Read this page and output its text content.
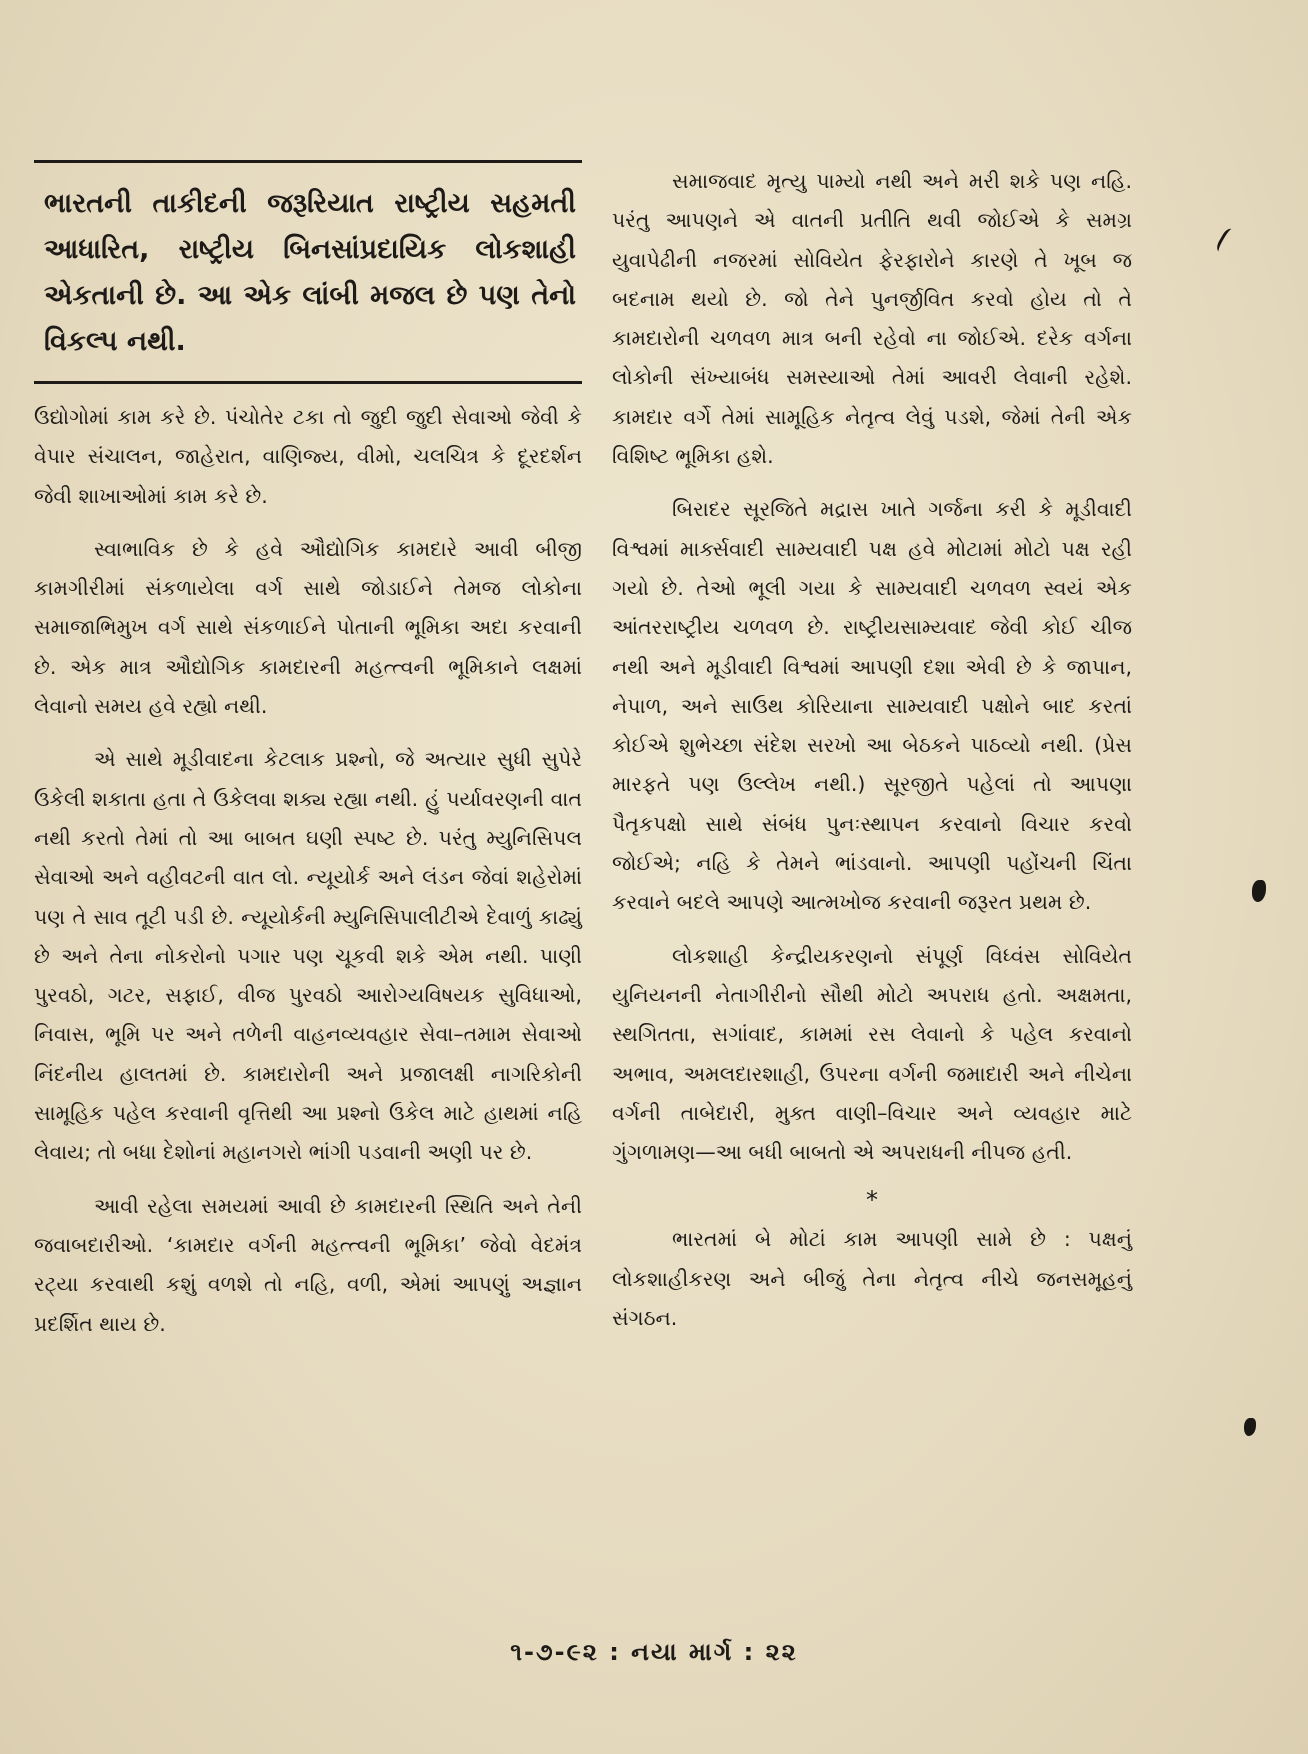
ભારતની તાકીદની જરૂરિયાત રાષ્ટ્રીય સહમતી આધારિત, રાષ્ટ્રીય બિનસાંપ્રદાયિક લોકશાહી એકતાની છે. આ એક લાંબી મજલ છે પણ તેનો વિકલ્પ નથી.

ઉદ્યોગોમાં કામ કરે છે. પંચોતેર ટકા તો જુદી જુદી સેવાઓ જેવી કે વેપાર સંચાલન, જાહેરાત, વાણિજ્ય, વીમો, ચલચિત્ર કે દૂરદર્શન જેવી શાખાઓમાં કામ કરે છે.

સ્વાભાવિક છે કે હવે ઔદ્યોગિક કામદારે આવી બીજી કામગીરીમાં સંકળાયેલા વર્ગ સાથે જોડાઈને તેમજ લોકોના સમાજાભિમુખ વર્ગ સાથે સંકળાઈને પોતાની ભૂમિકા અદા કરવાની છે. એક માત્ર ઔદ્યોગિક કામદારની મહત્ત્વની ભૂમિકાને લક્ષમાં લેવાનો સમય હવે રહ્યો નથી.

એ સાથે મૂડીવાદના કેટલાક પ્રશ્નો, જે અત્યાર સુધી સુપેરે ઉકેલી શકાતા હતા તે ઉકેલવા શક્ય રહ્યા નથી. હું પર્યાવરણની વાત નથી કરતો તેમાં તો આ બાબત ઘણી સ્પષ્ટ છે. પરંતુ મ્યુનિસિપલ સેવાઓ અને વહીવટની વાત લો. ન્યૂયોર્ક અને લંડન જેવાં શહેરોમાં પણ તે સાવ તૂટી પડી છે. ન્યૂયોર્કની મ્યુનિસિપાલીટીએ દેવાળું કાઢ્યું છે અને તેના નોકરોનો પગાર પણ ચૂકવી શકે એમ નથી. પાણી પુરવઠો, ગટર, સફાઈ, વીજ પુરવઠો આરોગ્યવિષયક સુવિધાઓ, નિવાસ, ભૂમિ પર અને તળેની વાહનવ્યવહાર સેવા–તમામ સેવાઓ નિંદનીય હાલતમાં છે. કામદારોની અને પ્રજાલક્ષી નાગરિકોની સામૂહિક પહેલ કરવાની વૃત્તિથી આ પ્રશ્નો ઉકેલ માટે હાથમાં નહિ લેવાય; તો બધા દેશોનાં મહાનગરો ભાંગી પડવાની અણી પર છે.

આવી રહેલા સમયમાં આવી છે કામદારની સ્થિતિ અને તેની જવાબદારીઓ. ‘કામદાર વર્ગની મહત્ત્વની ભૂમિકા’ જેવો વેદમંત્ર રટ્યા કરવાથી કશું વળશે તો નહિ, વળી, એમાં આપણું અજ્ઞાન પ્રદર્શિત થાય છે.

સમાજવાદ મૃત્યુ પામ્યો નથી અને મરી શકે પણ નહિ. પરંતુ આપણને એ વાતની પ્રતીતિ થવી જોઈએ કે સમગ્ર યુવાપેઢીની નજરમાં સોવિયેત ફેરફારોને કારણે તે ખૂબ જ બદનામ થયો છે. જો તેને પુનર્જીવિત કરવો હોય તો તે કામદારોની ચળવળ માત્ર બની રહેવો ના જોઈએ. દરેક વર્ગના લોકોની સંખ્યાબંધ સમસ્યાઓ તેમાં આવરી લેવાની રહેશે. કામદાર વર્ગે તેમાં સામૂહિક નેતૃત્વ લેવું પડશે, જેમાં તેની એક વિશિષ્ટ ભૂમિકા હશે.

બિરાદર સૂરજિતે મદ્રાસ ખાતે ગર્જના કરી કે મૂડીવાદી વિશ્વમાં માર્ક્સવાદી સામ્યવાદી પક્ષ હવે મોટામાં મોટો પક્ષ રહી ગયો છે. તેઓ ભૂલી ગયા કે સામ્યવાદી ચળવળ સ્વયં એક આંતરરાષ્ટ્રીય ચળવળ છે. રાષ્ટ્રીયસામ્યવાદ જેવી કોઈ ચીજ નથી અને મૂડીવાદી વિશ્વમાં આપણી દશા એવી છે કે જાપાન, નેપાળ, અને સાઉથ કોરિયાના સામ્યવાદી પક્ષોને બાદ કરતાં કોઈએ શુભેચ્છા સંદેશ સરખો આ બેઠકને પાઠવ્યો નથી. (પ્રેસ મારફતે પણ ઉલ્લેખ નથી.) સૂરજીતે પહેલાં તો આપણા પૈતૃકપક્ષો સાથે સંબંધ પુનઃસ્થાપન કરવાનો વિચાર કરવો જોઈએ; નહિ કે તેમને ભાંડવાનો. આપણી પહોંચની ચિંતા કરવાને બદલે આપણે આત્મખોજ કરવાની જરૂરત પ્રથમ છે.

લોકશાહી કેન્દ્રીયકરણનો સંપૂર્ણ વિધ્વંસ સોવિયેત યુનિયનની નેતાગીરીનો સૌથી મોટો અપરાધ હતો. અક્ષમતા, સ્થગિતતા, સગાંવાદ, કામમાં રસ લેવાનો કે પહેલ કરવાનો અભાવ, અમલદારશાહી, ઉપરના વર્ગની જમાદારી અને નીચેના વર્ગની તાબેદારી, મુક્ત વાણી–વિચાર અને વ્યવહાર માટે ગુંગળામણ—આ બધી બાબતો એ અપરાધની નીપજ હતી.

*

ભારતમાં બે મોટાં કામ આપણી સામે છે : પક્ષનું લોકશાહીકરણ અને બીજું તેના નેતૃત્વ નીચે જનસમૂહનું સંગઠન.

૧-૭-૯૨ : નયા માર્ગ : ૨૨
